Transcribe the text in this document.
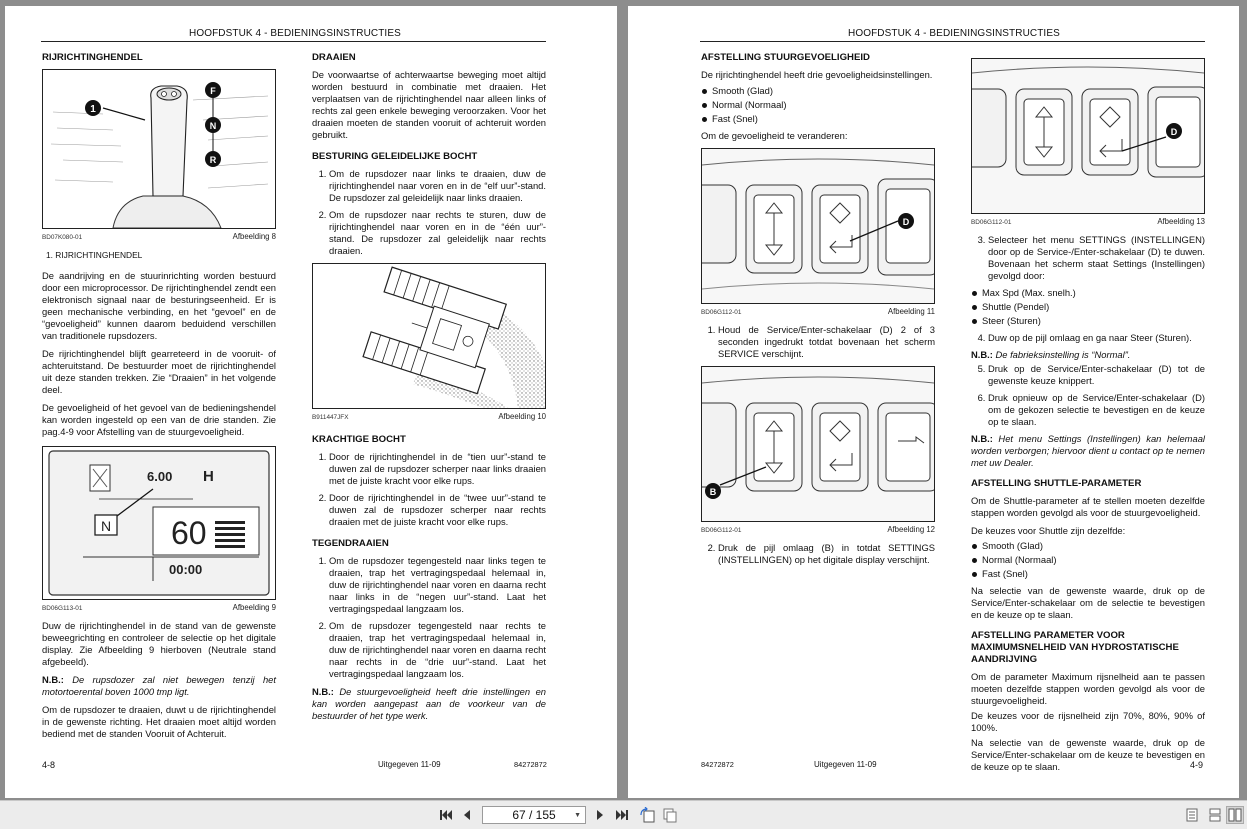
HOOFDSTUK 4 - BEDIENINGSINSTRUCTIES
RIJRICHTINGHENDEL
1
F
N
R
BD07K080-01	Afbeelding 8

1. RIJRICHTINGHENDEL

De aandrijving en de stuurinrichting worden bestuurd door een microprocessor. De rijrichtinghendel zendt een elektronisch signaal naar de besturingseenheid. Er is geen mechanische verbinding, en het “gevoel” en de “gevoeligheid” kunnen daarom beduidend verschillen van traditionele rupsdozers.

De rijrichtinghendel blijft gearreteerd in de vooruit- of achteruitstand. De bestuurder moet de rijrichtinghendel uit deze standen trekken. Zie “Draaien” in het volgende deel.

De gevoeligheid of het gevoel van de bedieningshendel kan worden ingesteld op een van de drie standen. Zie pag.4-9 voor Afstelling van de stuurgevoeligheid.

6.00 H
N 60
00:00
BD06G113-01	Afbeelding 9

Duw de rijrichtinghendel in de stand van de gewenste beweegrichting en controleer de selectie op het digitale display. Zie Afbeelding 9 hierboven (Neutrale stand afgebeeld).

N.B.: De rupsdozer zal niet bewegen tenzij het motortoerental boven 1000 tmp ligt.

Om de rupsdozer te draaien, duwt u de rijrichtinghendel in de gewenste richting. Het draaien moet altijd worden bediend met de standen Vooruit of Achteruit.

DRAAIEN

De voorwaartse of achterwaartse beweging moet altijd worden bestuurd in combinatie met draaien. Het verplaatsen van de rijrichtinghendel naar alleen links of rechts zal geen enkele beweging veroorzaken. Voor het draaien moeten de standen vooruit of achteruit worden gebruikt.

BESTURING GELEIDELIJKE BOCHT
1. Om de rupsdozer naar links te draaien, duw de rijrichtinghendel naar voren en in de “elf uur”-stand. De rupsdozer zal geleidelijk naar links draaien.
2. Om de rupsdozer naar rechts te sturen, duw de rijrichtinghendel naar voren en in de “één uur”-stand. De rupsdozer zal geleidelijk naar rechts draaien.
B911447JFX	Afbeelding 10
KRACHTIGE BOCHT
1. Door de rijrichtinghendel in de “tien uur”-stand te duwen zal de rupsdozer scherper naar links draaien met de juiste kracht voor elke rups.
2. Door de rijrichtinghendel in de “twee uur”-stand te duwen zal de rupsdozer scherper naar rechts draaien met de juiste kracht voor elke rups.
TEGENDRAAIEN
1. Om de rupsdozer tegengesteld naar links tegen te draaien, trap het vertragingspedaal helemaal in, duw de rijrichtinghendel naar voren en daarna recht naar links in de “negen uur”-stand. Laat het vertragingspedaal langzaam los.
2. Om de rupsdozer tegengesteld naar rechts te draaien, trap het vertragingspedaal helemaal in, duw de rijrichtinghendel naar voren en daarna recht naar rechts in de “drie uur”-stand. Laat het vertragingspedaal langzaam los.

N.B.: De stuurgevoeligheid heeft drie instellingen en kan worden aangepast aan de voorkeur van de bestuurder of het type werk.

4-8	Uitgegeven 11-09	84272872
HOOFDSTUK 4 - BEDIENINGSINSTRUCTIES
AFSTELLING STUURGEVOELIGHEID

De rijrichtinghendel heeft drie gevoeligheidsinstellingen.

Smooth (Glad)
Normal (Normaal)
Fast (Snel)

Om de gevoeligheid te veranderen:

D
BD06G112-01	Afbeelding 11
1. Houd de Service/Enter-schakelaar (D) 2 of 3 seconden ingedrukt totdat bovenaan het scherm SERVICE verschijnt.
B
BD06G112-01	Afbeelding 12
2. Druk de pijl omlaag (B) in totdat SETTINGS (INSTELLINGEN) op het digitale display verschijnt.
D
BD06G112-01	Afbeelding 13
3. Selecteer het menu SETTINGS (INSTELLINGEN) door op de Service-/Enter-schakelaar (D) te duwen. Bovenaan het scherm staat Settings (Instellingen) gevolgd door:
Max Spd (Max. snelh.)
Shuttle (Pendel)
Steer (Sturen)
4. Duw op de pijl omlaag en ga naar Steer (Sturen).

N.B.: De fabrieksinstelling is “Normal”.

5. Druk op de Service/Enter-schakelaar (D) tot de gewenste keuze knippert.
6. Druk opnieuw op de Service/Enter-schakelaar (D) om de gekozen selectie te bevestigen en de keuze op te slaan.

N.B.: Het menu Settings (Instellingen) kan helemaal worden verborgen; hiervoor dient u contact op te nemen met uw Dealer.

AFSTELLING SHUTTLE-PARAMETER

Om de Shuttle-parameter af te stellen moeten dezelfde stappen worden gevolgd als voor de stuurgevoeligheid.

De keuzes voor Shuttle zijn dezelfde:

Smooth (Glad)
Normal (Normaal)
Fast (Snel)

Na selectie van de gewenste waarde, druk op de Service/Enter-schakelaar om de selectie te bevestigen en de keuze op te slaan.

AFSTELLING PARAMETER VOOR MAXIMUMSNELHEID VAN HYDROSTATISCHE AANDRIJVING

Om de parameter Maximum rijsnelheid aan te passen moeten dezelfde stappen worden gevolgd als voor de stuurgevoeligheid.

De keuzes voor de rijsnelheid zijn 70%, 80%, 90% of 100%.

Na selectie van de gewenste waarde, druk op de Service/Enter-schakelaar om de keuze te bevestigen en de keuze op te slaan.

84272872	Uitgegeven 11-09	4-9
67 / 155	▼
